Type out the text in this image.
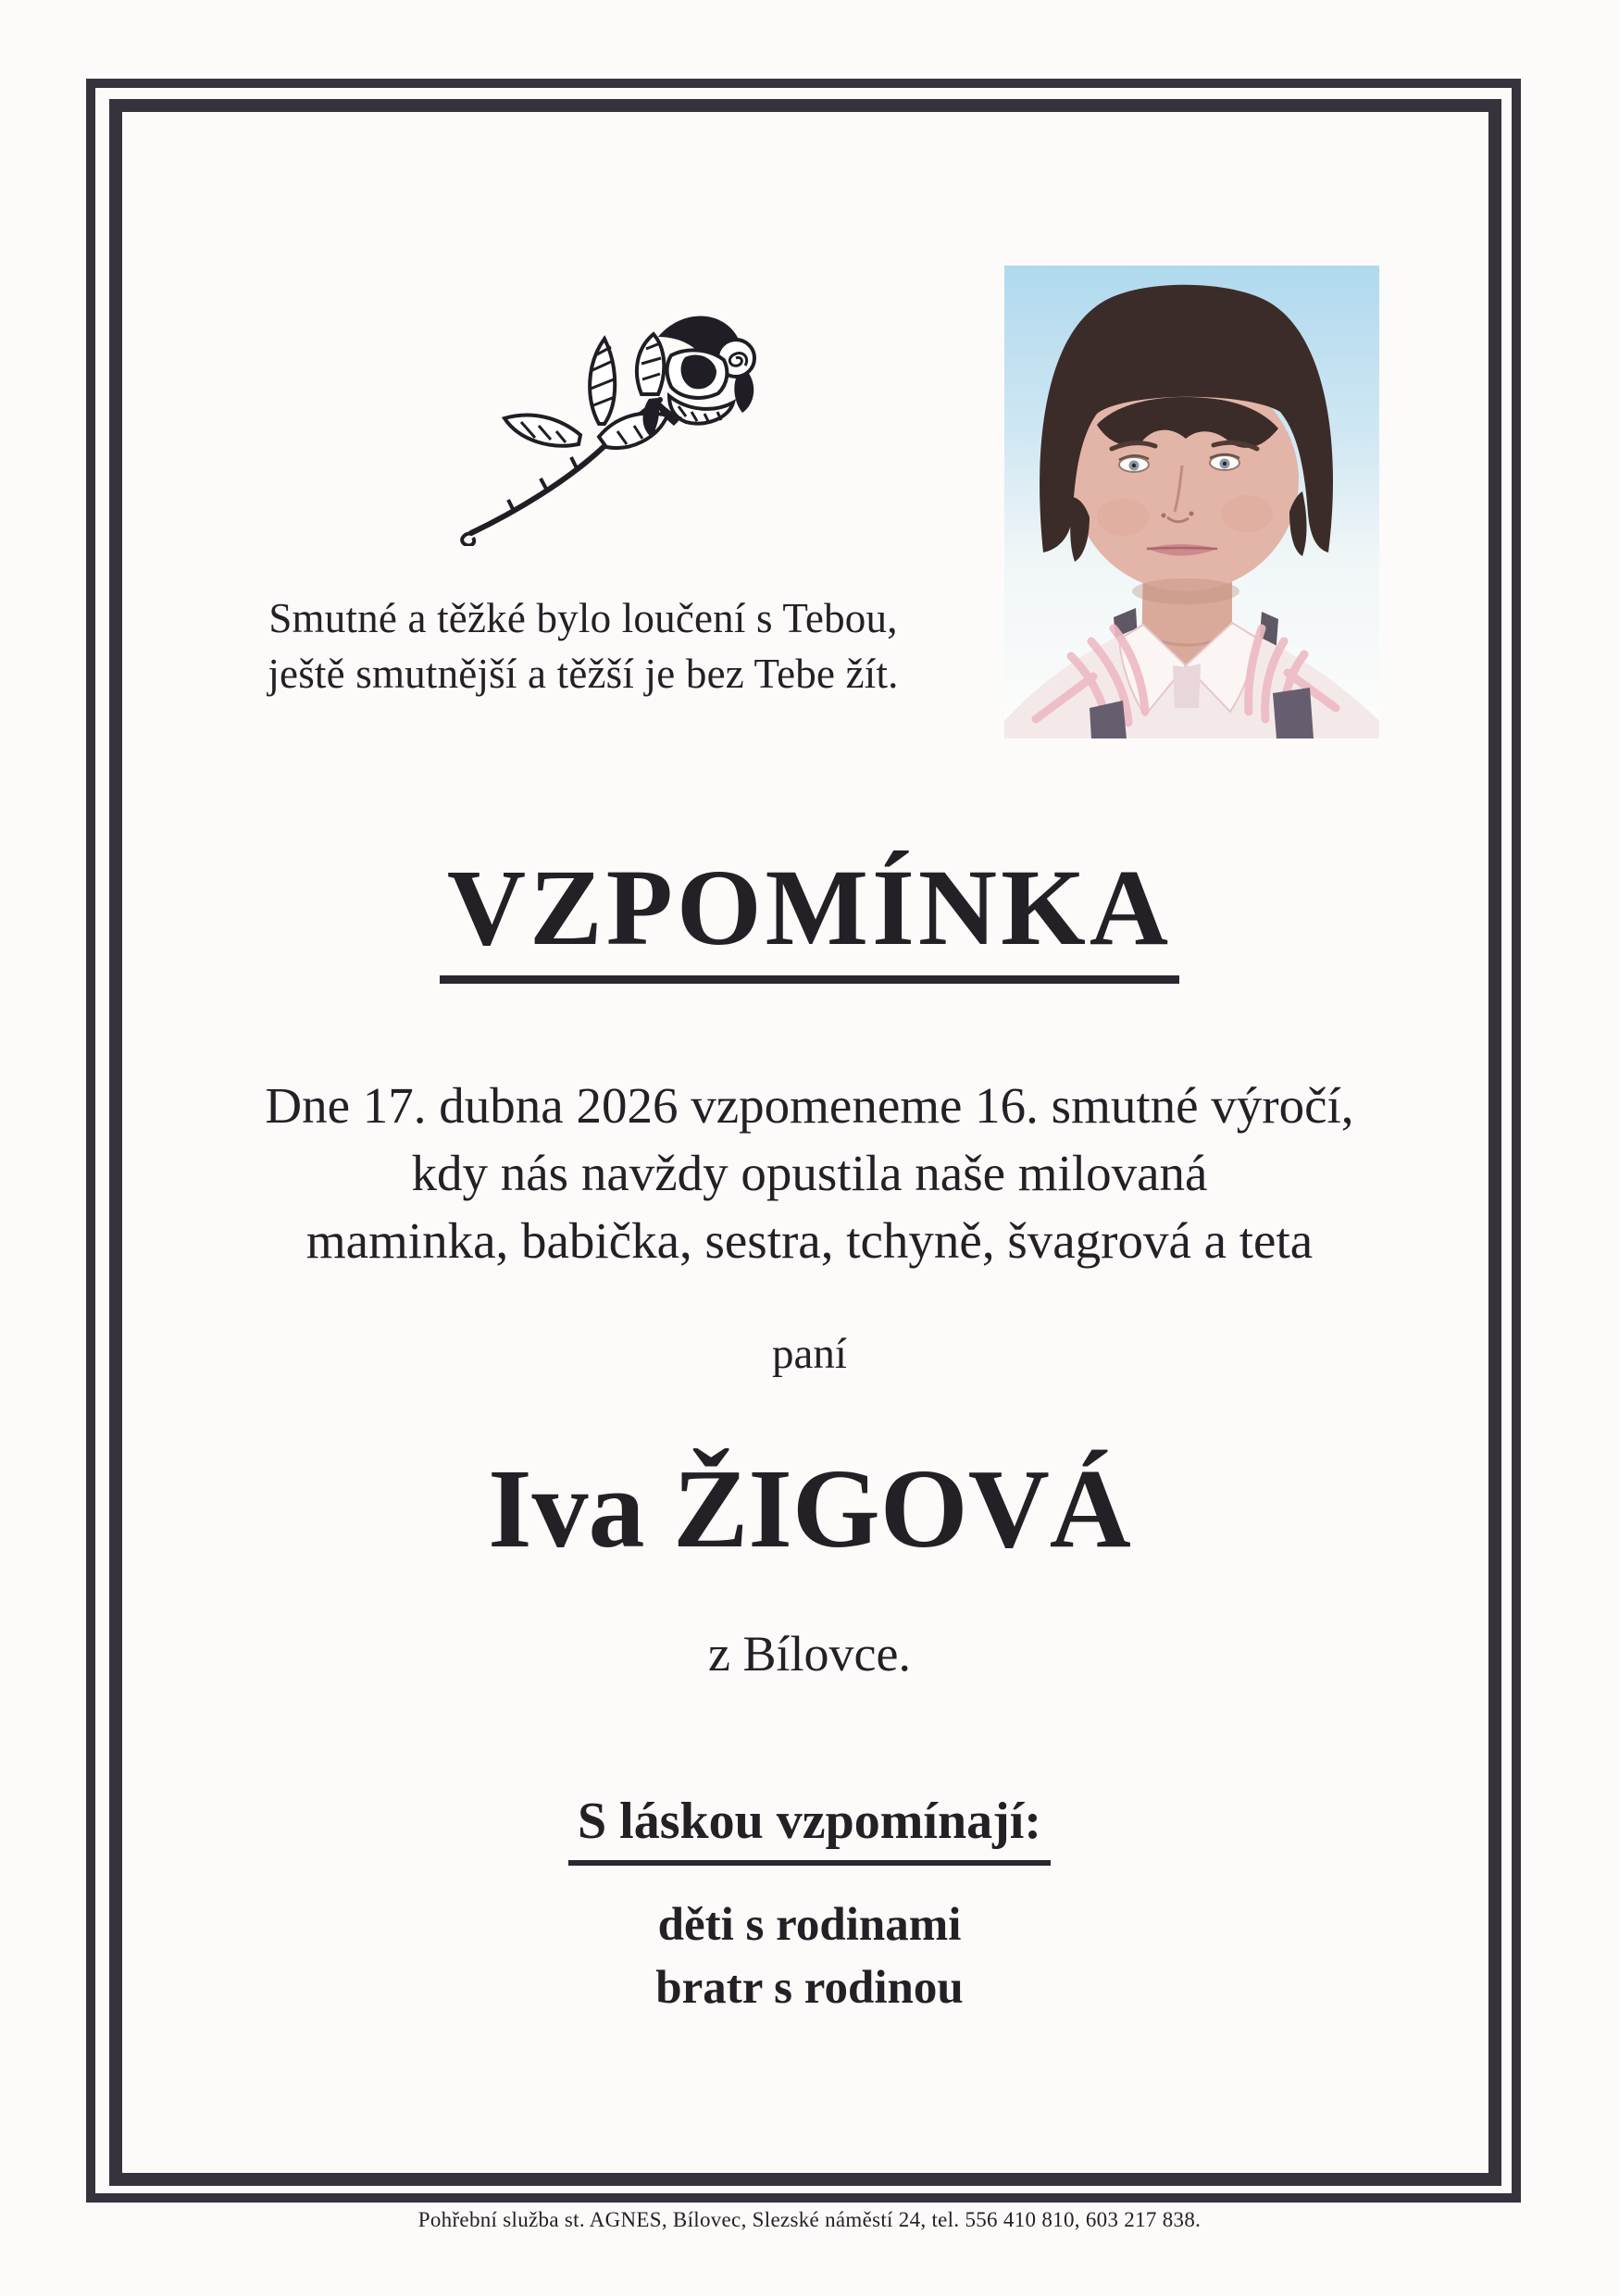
Smutné a těžké bylo loučení s Tebou,
ještě smutnější a těžší je bez Tebe žít.
VZPOMÍNKA
Dne 17. dubna 2026 vzpomeneme 16. smutné výročí,
kdy nás navždy opustila naše milovaná
maminka, babička, sestra, tchyně, švagrová a teta
paní
Iva ŽIGOVÁ
z Bílovce.
S láskou vzpomínají:
děti s rodinami
bratr s rodinou
Pohřební služba st. AGNES, Bílovec, Slezské náměstí 24, tel. 556 410 810, 603 217 838.
